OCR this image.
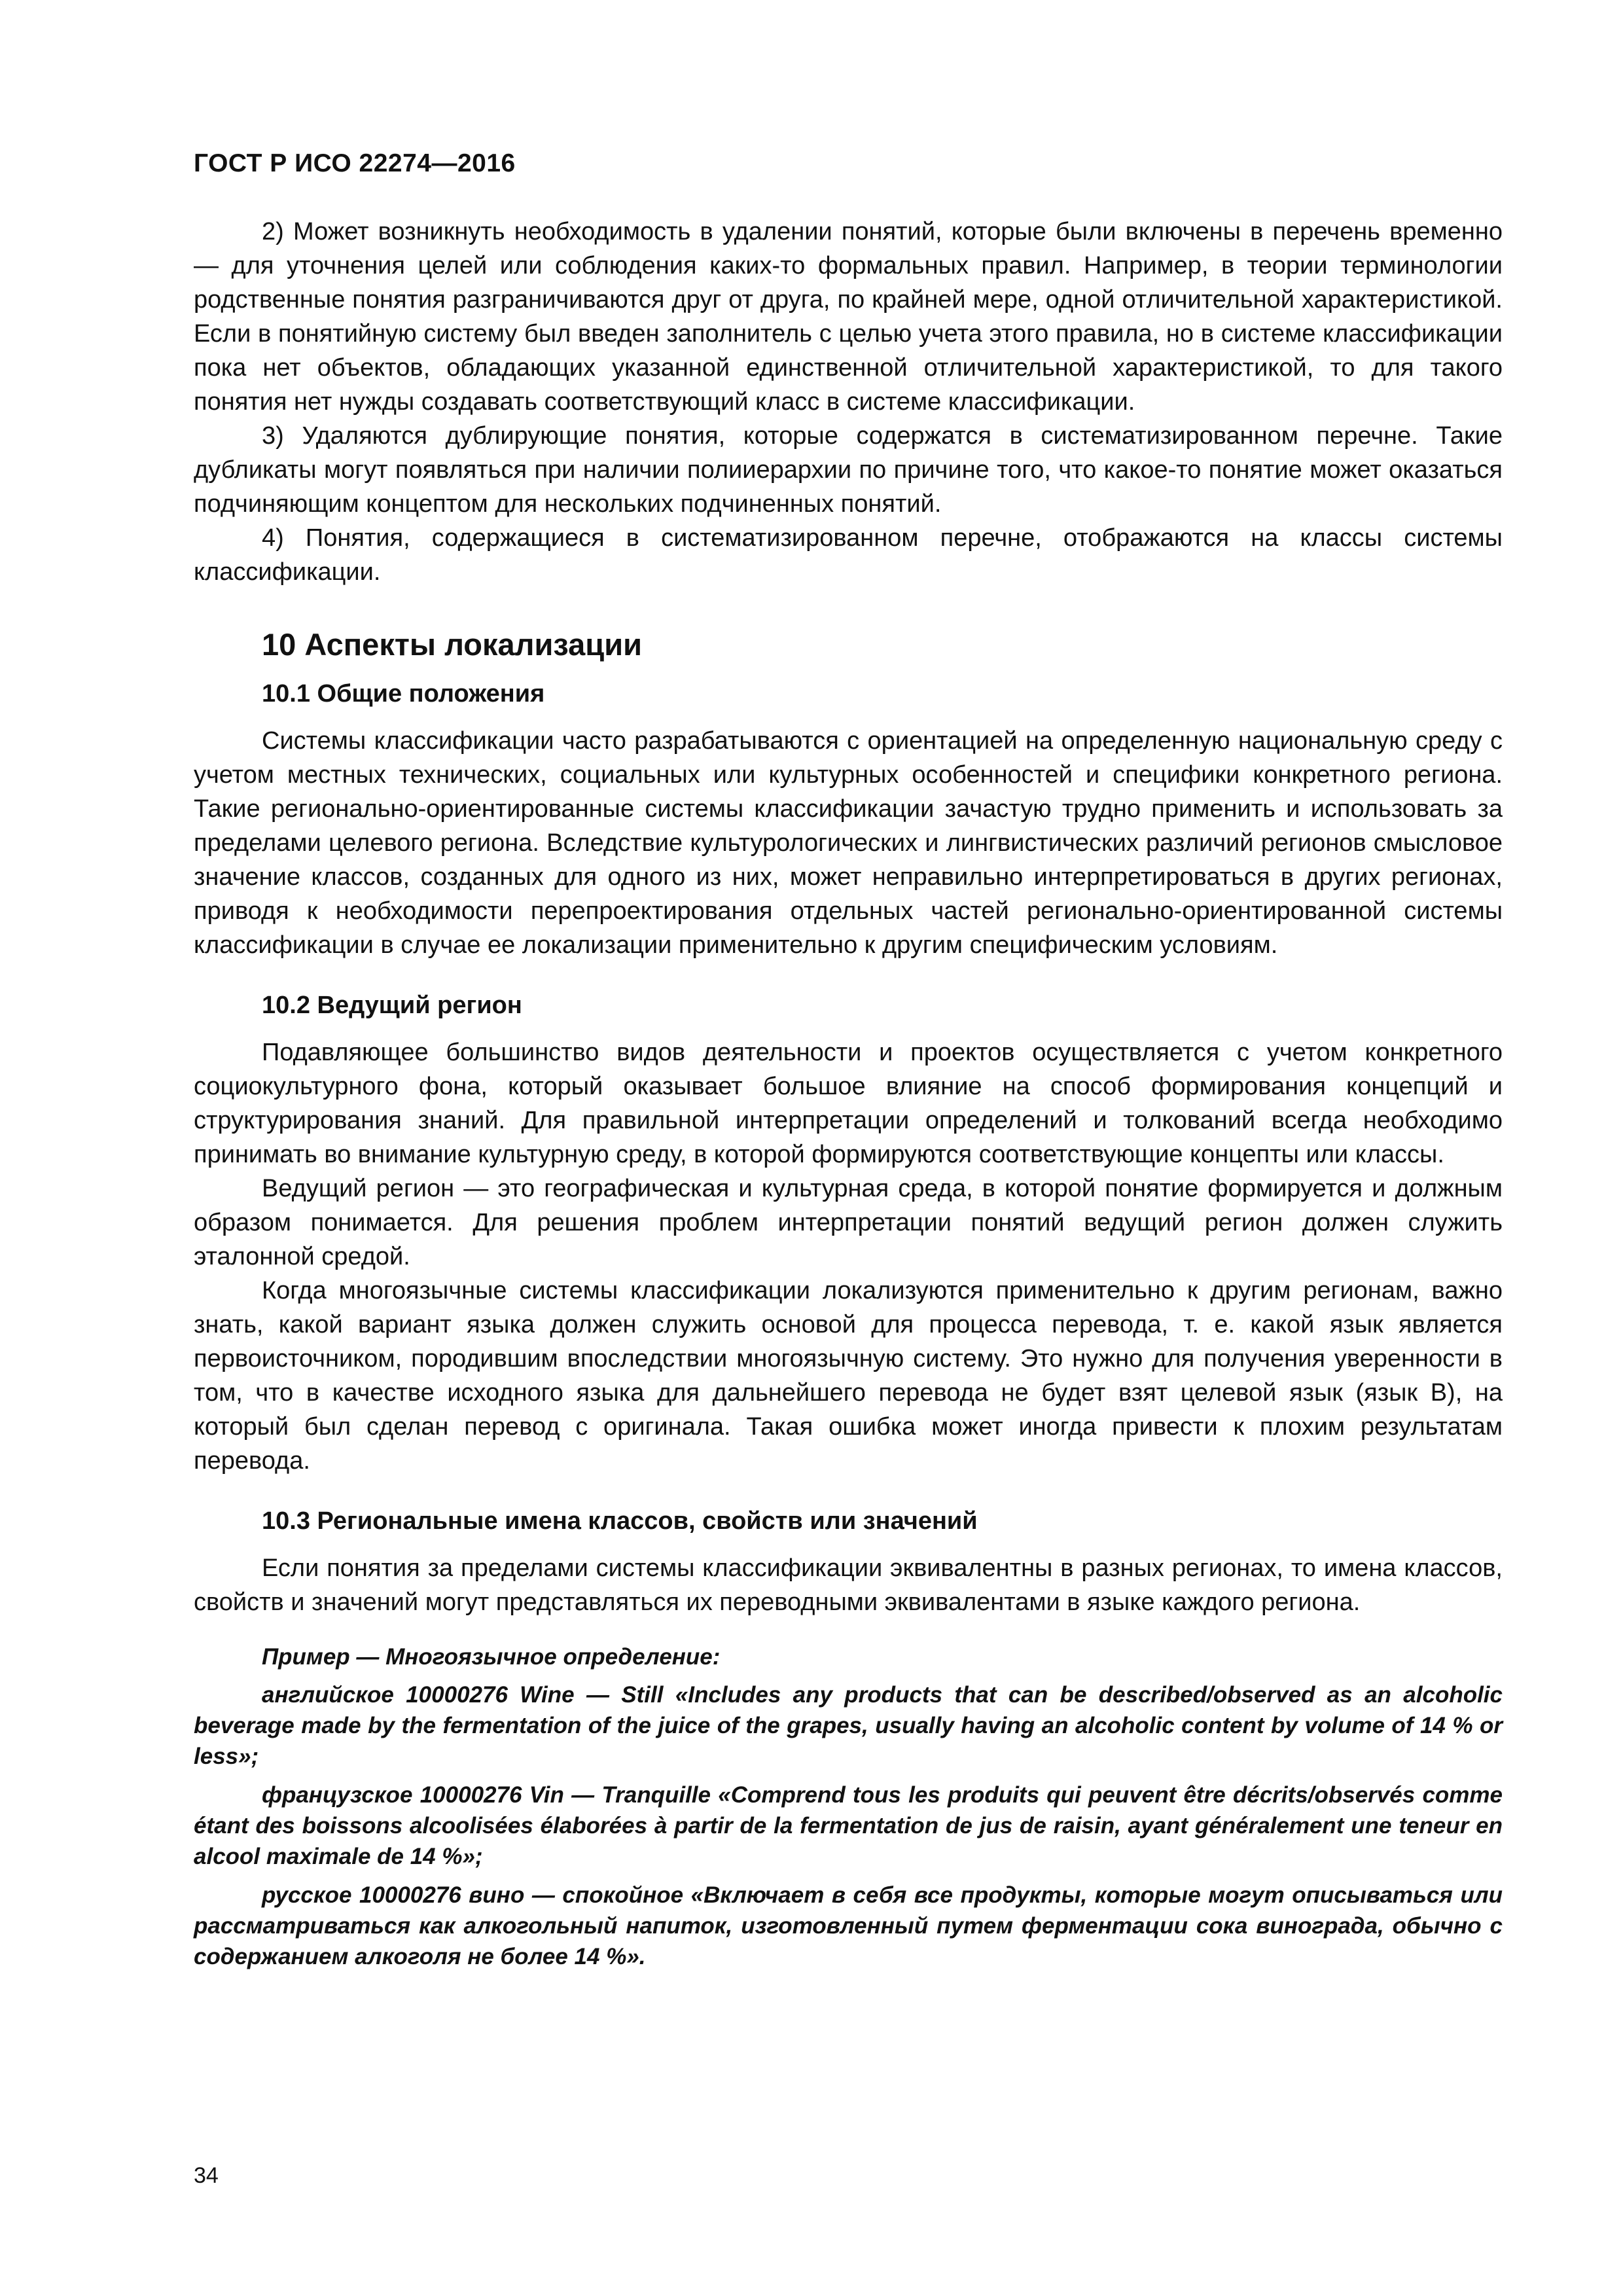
ГОСТ Р ИСО 22274—2016

2) Может возникнуть необходимость в удалении понятий, которые были включены в перечень временно — для уточнения целей или соблюдения каких-то формальных правил. Например, в теории терминологии родственные понятия разграничиваются друг от друга, по крайней мере, одной отличительной характеристикой. Если в понятийную систему был введен заполнитель с целью учета этого правила, но в системе классификации пока нет объектов, обладающих указанной единственной отличительной характеристикой, то для такого понятия нет нужды создавать соответствующий класс в системе классификации.

3) Удаляются дублирующие понятия, которые содержатся в систематизированном перечне. Такие дубликаты могут появляться при наличии полииерархии по причине того, что какое-то понятие может оказаться подчиняющим концептом для нескольких подчиненных понятий.

4) Понятия, содержащиеся в систематизированном перечне, отображаются на классы системы классификации.

10 Аспекты локализации
10.1 Общие положения

Системы классификации часто разрабатываются с ориентацией на определенную национальную среду с учетом местных технических, социальных или культурных особенностей и специфики конкретного региона. Такие регионально-ориентированные системы классификации зачастую трудно применить и использовать за пределами целевого региона. Вследствие культурологических и лингвистических различий регионов смысловое значение классов, созданных для одного из них, может неправильно интерпретироваться в других регионах, приводя к необходимости перепроектирования отдельных частей регионально-ориентированной системы классификации в случае ее локализации применительно к другим специфическим условиям.

10.2 Ведущий регион

Подавляющее большинство видов деятельности и проектов осуществляется с учетом конкретного социокультурного фона, который оказывает большое влияние на способ формирования концепций и структурирования знаний. Для правильной интерпретации определений и толкований всегда необходимо принимать во внимание культурную среду, в которой формируются соответствующие концепты или классы.

Ведущий регион — это географическая и культурная среда, в которой понятие формируется и должным образом понимается. Для решения проблем интерпретации понятий ведущий регион должен служить эталонной средой.

Когда многоязычные системы классификации локализуются применительно к другим регионам, важно знать, какой вариант языка должен служить основой для процесса перевода, т. е. какой язык является первоисточником, породившим впоследствии многоязычную систему. Это нужно для получения уверенности в том, что в качестве исходного языка для дальнейшего перевода не будет взят целевой язык (язык В), на который был сделан перевод с оригинала. Такая ошибка может иногда привести к плохим результатам перевода.

10.3 Региональные имена классов, свойств или значений

Если понятия за пределами системы классификации эквивалентны в разных регионах, то имена классов, свойств и значений могут представляться их переводными эквивалентами в языке каждого региона.

Пример — Многоязычное определение:
английское 10000276 Wine — Still «Includes any products that can be described/observed as an alcoholic beverage made by the fermentation of the juice of the grapes, usually having an alcoholic content by volume of 14 % or less»;
французское 10000276 Vin — Tranquille «Comprend tous les produits qui peuvent être décrits/observés comme étant des boissons alcoolisées élaborées à partir de la fermentation de jus de raisin, ayant généralement une teneur en alcool maximale de 14 %»;
русское 10000276 вино — спокойное «Включает в себя все продукты, которые могут описываться или рассматриваться как алкогольный напиток, изготовленный путем ферментации сока винограда, обычно с содержанием алкоголя не более 14 %».
34
